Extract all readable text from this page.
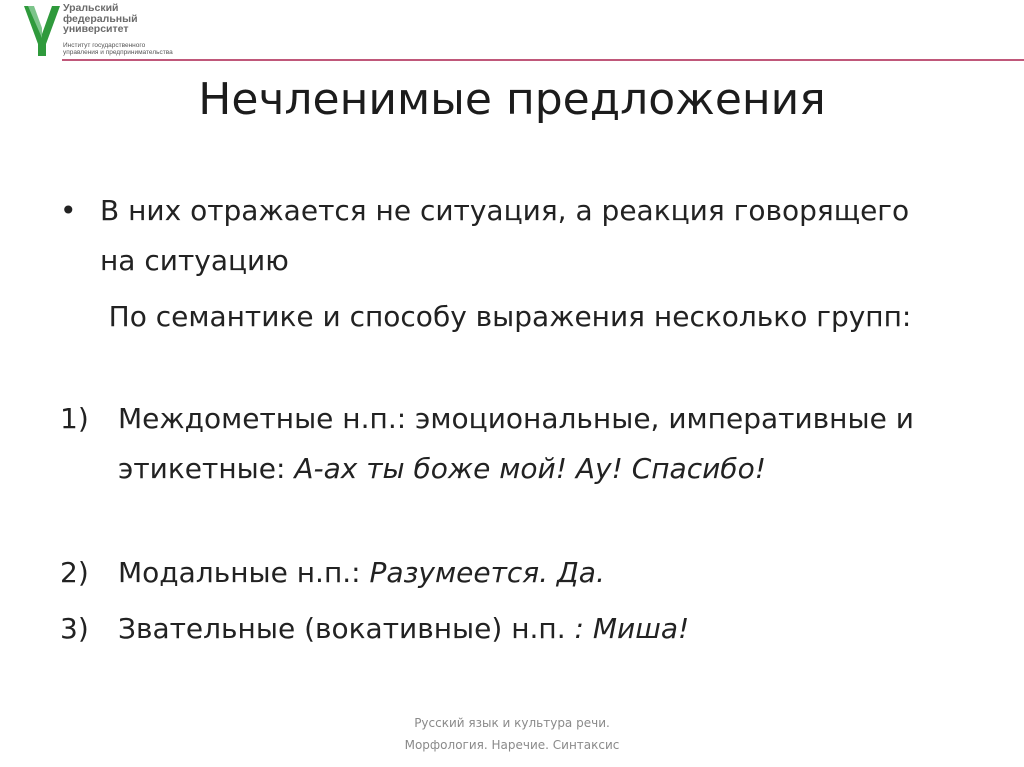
Уральский
федеральный
университет
Институт государственного
управления и предпринимательства
Нечленимые предложения
• В них отражается не ситуация, а реакция говорящего на ситуацию
По семантике и способу выражения несколько групп:
1) Междометные н.п.: эмоциональные, императивные и этикетные: А-ах ты боже мой! Ау! Спасибо!
2) Модальные н.п.: Разумеется. Да.
3) Звательные (вокативные) н.п. : Миша!
Русский язык и культура речи.
Морфология. Наречие. Синтаксис
